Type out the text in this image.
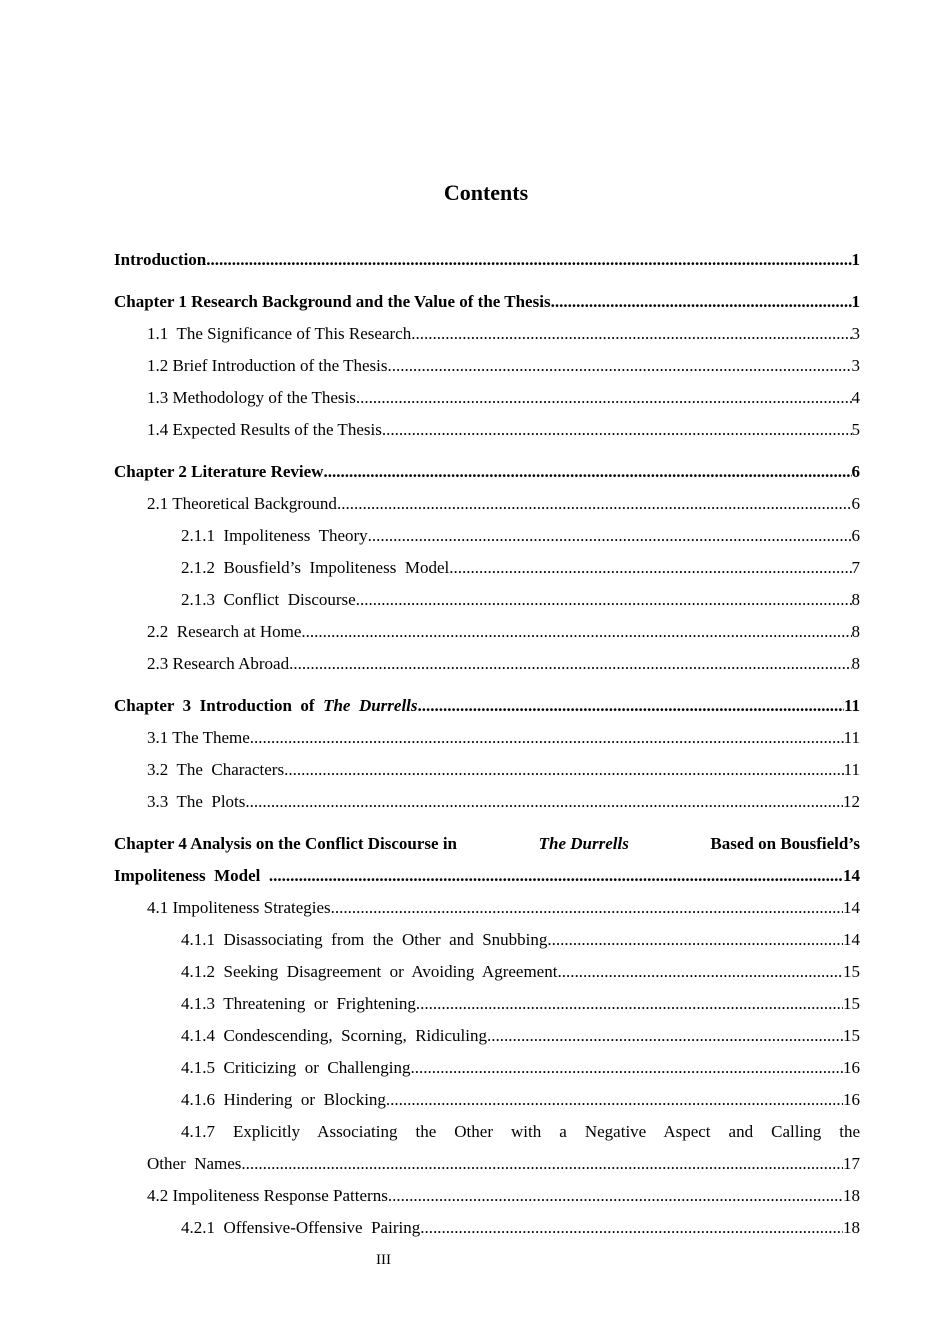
Contents
Introduction .....	1
Chapter 1 Research Background and the Value of the Thesis .....	1
1.1  The Significance of This Research .....	3
1.2 Brief Introduction of the Thesis .....	3
1.3 Methodology of the Thesis .....	4
1.4 Expected Results of the Thesis .....	5
Chapter 2 Literature Review .....	6
2.1 Theoretical Background .....	6
2.1.1  Impoliteness  Theory .....	6
2.1.2  Bousfield’s  Impoliteness  Model .....	7
2.1.3  Conflict  Discourse .....	8
2.2  Research at Home .....	8
2.3 Research Abroad .....	8
Chapter  3  Introduction  of  The  Durrells .....	11
3.1 The Theme .....	11
3.2  The  Characters .....	11
3.3  The  Plots .....	12
Chapter 4 Analysis on the Conflict Discourse in	The Durrells	Based on Bousfield’s
Impoliteness  Model .....	14
4.1 Impoliteness Strategies .....	14
4.1.1  Disassociating  from  the  Other  and  Snubbing .....	14
4.1.2  Seeking  Disagreement  or  Avoiding  Agreement .....	15
4.1.3  Threatening  or  Frightening .....	15
4.1.4  Condescending,  Scorning,  Ridiculing .....	15
4.1.5  Criticizing  or  Challenging .....	16
4.1.6  Hindering  or  Blocking .....	16
4.1.7 Explicitly Associating the Other with a Negative Aspect and Calling the
Other  Names .....	17
4.2 Impoliteness Response Patterns .....	18
4.2.1  Offensive-Offensive  Pairing .....	18
III
